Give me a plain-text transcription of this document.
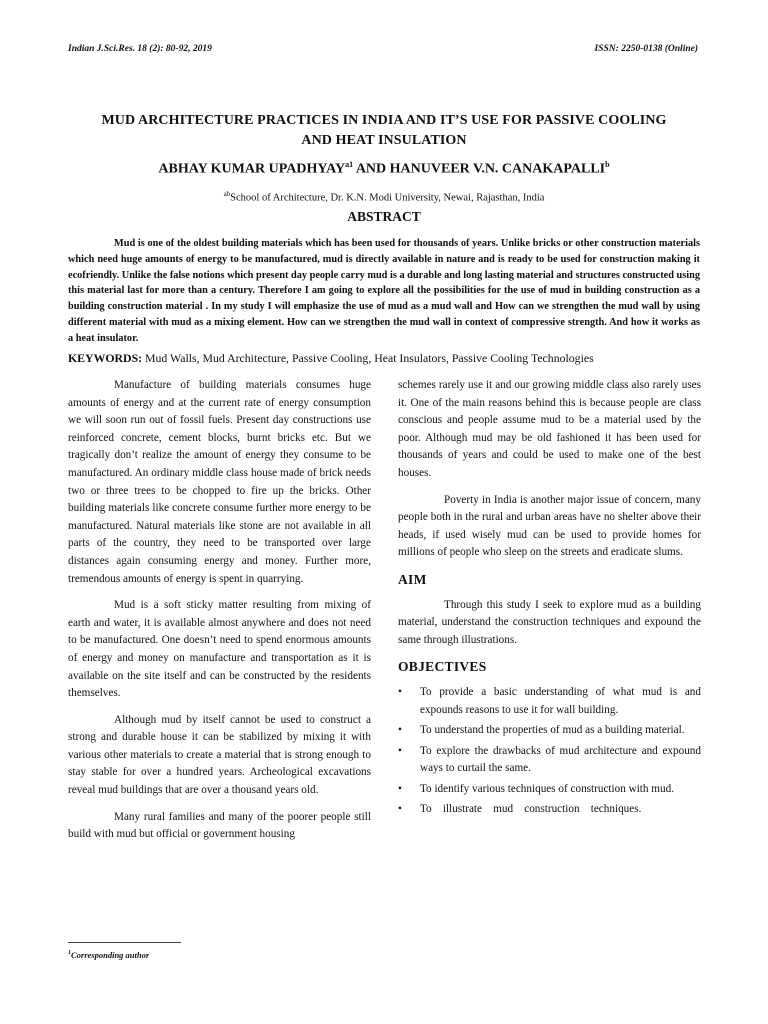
Indian J.Sci.Res. 18 (2): 80-92, 2019	ISSN: 2250-0138 (Online)
MUD ARCHITECTURE PRACTICES IN INDIA AND IT’S USE FOR PASSIVE COOLING
AND HEAT INSULATION
ABHAY KUMAR $UPADHYAY^{a1}$ AND HANUVEER V.N. CANAKAPALLI$^b$
$^{ab}$School of Architecture, Dr. K.N. Modi University, Newai, Rajasthan, India
ABSTRACT
Mud is one of the oldest building materials which has been used for thousands of years. Unlike bricks or other construction materials which need huge amounts of energy to be manufactured, mud is directly available in nature and is ready to be used for construction making it ecofriendly. Unlike the false notions which present day people carry mud is a durable and long lasting material and structures constructed using this material last for more than a century. Therefore I am going to explore all the possibilities for the use of mud in building construction as a building construction material . In my study I will emphasize the use of mud as a mud wall and How can we strengthen the mud wall by using different material with mud as a mixing element. How can we strengthen the mud wall in context of compressive strength. And how it works as a heat insulator.
KEYWORDS: Mud Walls, Mud Architecture, Passive Cooling, Heat Insulators, Passive Cooling Technologies

Manufacture of building materials consumes huge amounts of energy and at the current rate of energy consumption we will soon run out of fossil fuels. Present day constructions use reinforced concrete, cement blocks, burnt bricks etc. But we tragically don’t realize the amount of energy they consume to be manufactured. An ordinary middle class house made of brick needs two or three trees to be chopped to fire up the bricks. Other building materials like concrete consume further more energy to be manufactured. Natural materials like stone are not available in all parts of the country, they need to be transported over large distances again consuming energy and money. Further more, tremendous amounts of energy is spent in quarrying.

Mud is a soft sticky matter resulting from mixing of earth and water, it is available almost anywhere and does not need to be manufactured. One doesn’t need to spend enormous amounts of energy and money on manufacture and transportation as it is available on the site itself and can be constructed by the residents themselves.

Although mud by itself cannot be used to construct a strong and durable house it can be stabilized by mixing it with various other materials to create a material that is strong enough to stay stable for over a hundred years. Archeological excavations reveal mud buildings that are over a thousand years old.

Many rural families and many of the poorer people still build with mud but official or government housing

schemes rarely use it and our growing middle class also rarely uses it. One of the main reasons behind this is because people are class conscious and people assume mud to be a material used by the poor. Although mud may be old fashioned it has been used for thousands of years and could be used to make one of the best houses.

Poverty in India is another major issue of concern, many people both in the rural and urban areas have no shelter above their heads, if used wisely mud can be used to provide homes for millions of people who sleep on the streets and eradicate slums.

AIM

Through this study I seek to explore mud as a building material, understand the construction techniques and expound the same through illustrations.

OBJECTIVES
• To provide a basic understanding of what mud is and expounds reasons to use it for wall building.
• To understand the properties of mud as a building material.
• To explore the drawbacks of mud architecture and expound ways to curtail the same.
• To identify various techniques of construction with mud.
• To    illustrate    mud    construction    techniques.
$^1$Corresponding author
